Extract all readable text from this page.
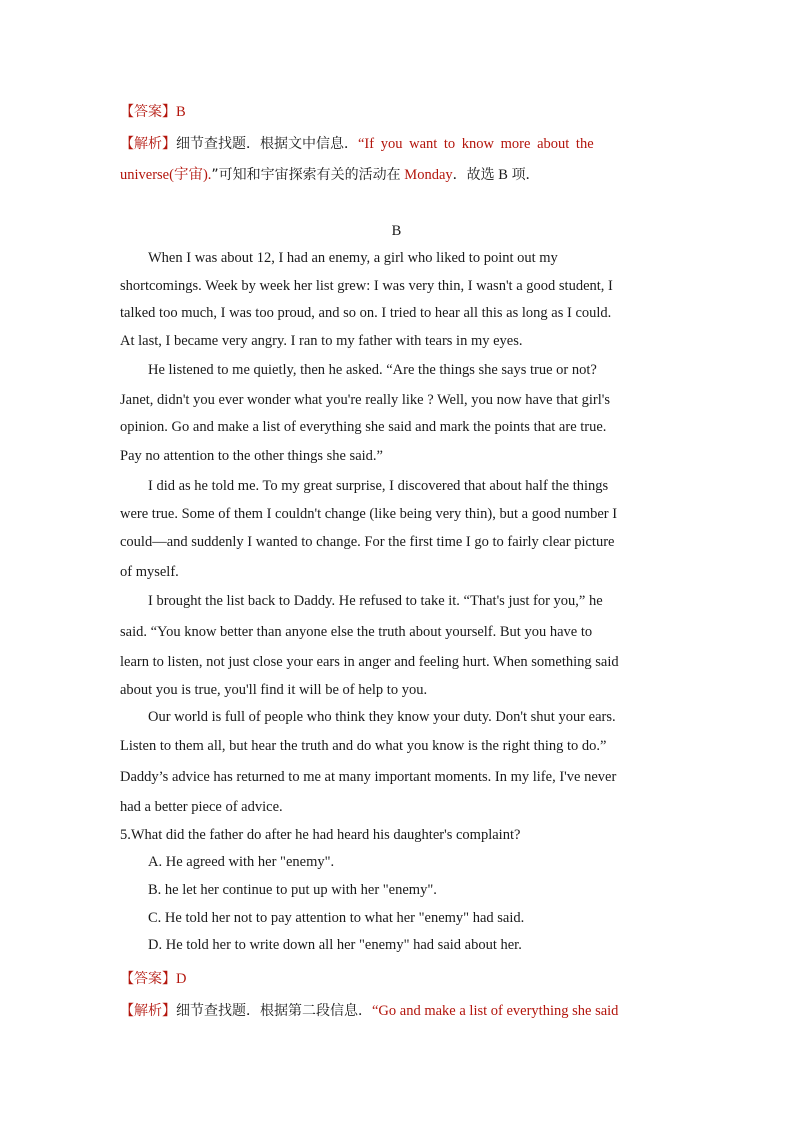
【答案】B
【解析】细节查找题．根据文中信息．“If you want to know more about the
universe(宇宙).”可知和宇宙探索有关的活动在 Monday．故选 B 项．
B
When I was about 12, I had an enemy, a girl who liked to point out my
shortcomings. Week by week her list grew: I was very thin, I wasn't a good student, I
talked too much, I was too proud, and so on. I tried to hear all this as long as I could.
At last, I became very angry. I ran to my father with tears in my eyes.
He listened to me quietly, then he asked. “Are the things she says true or not?
Janet, didn't you ever wonder what you're really like ? Well, you now have that girl's
opinion. Go and make a list of everything she said and mark the points that are true.
Pay no attention to the other things she said.”
I did as he told me. To my great surprise, I discovered that about half the things
were true. Some of them I couldn't change (like being very thin), but a good number I
could—and suddenly I wanted to change. For the first time I go to fairly clear picture
of myself.
I brought the list back to Daddy. He refused to take it. “That's just for you,” he
said. “You know better than anyone else the truth about yourself. But you have to
learn to listen, not just close your ears in anger and feeling hurt. When something said
about you is true, you'll find it will be of help to you.
Our world is full of people who think they know your duty. Don't shut your ears.
Listen to them all, but hear the truth and do what you know is the right thing to do.”
Daddy’s advice has returned to me at many important moments. In my life, I've never
had a better piece of advice.
5.What did the father do after he had heard his daughter's complaint?
A. He agreed with her "enemy".
B. he let her continue to put up with her "enemy".
C. He told her not to pay attention to what her "enemy" had said.
D. He told her to write down all her "enemy" had said about her.
【答案】D
【解析】细节查找题．根据第二段信息．“Go and make a list of everything she said
